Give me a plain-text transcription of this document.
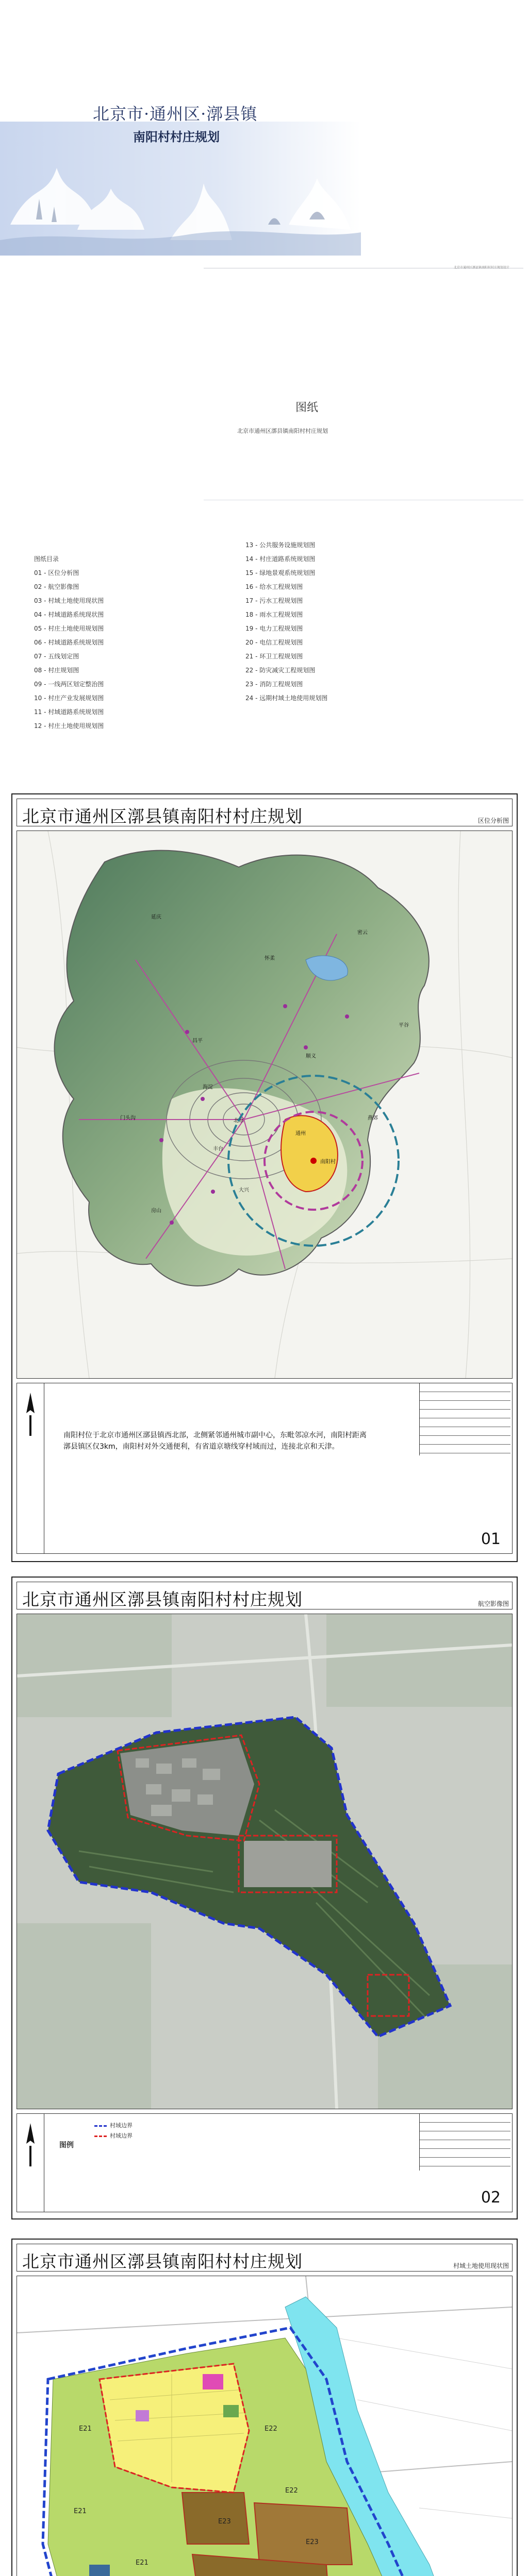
北京市·通州区·漷县镇
南阳村村庄规划
北京市通州区漷县镇南阳村村庄规划设计
图纸
北京市通州区漷县镇南阳村村庄规划
图纸目录
01 - 区位分析图
02 - 航空影像图
03 - 村域土地使用现状图
04 - 村域道路系统现状图
05 - 村庄土地使用规划图
06 - 村域道路系统规划图
07 - 五线划定图
08 - 村庄规划图
09 - 一线两区划定整治图
10 - 村庄产业发展规划图
11 - 村域道路系统规划图
12 - 村庄土地使用规划图
13 - 公共服务设施规划图
14 - 村庄道路系统规划图
15 - 绿地景观系统规划图
16 - 给水工程规划图
17 - 污水工程规划图
18 - 雨水工程规划图
19 - 电力工程规划图
20 - 电信工程规划图
21 - 环卫工程规划图
22 - 防灾减灾工程规划图
23 - 消防工程规划图
24 - 远期村域土地使用规划图
北京市通州区漷县镇南阳村村庄规划	区位分析图
怀柔
延庆
密云
平谷
顺义
昌平
门头沟
海淀
北京
丰台
大兴
房山
通州
燕郊
南阳村
南阳村位于北京市通州区漷县镇西北部，北侧紧邻通州城市副中心，东毗邻凉水河，南阳村距离漷县镇区仅3km，南阳村对外交通便利，有省道京塘线穿村域而过，连接北京和天津。
01
北京市通州区漷县镇南阳村村庄规划	航空影像图
图例
村域边界
村域边界
02
北京市通州区漷县镇南阳村村庄规划	村域土地使用现状图
E21
E21
E21
E22
E22
E23
E23
